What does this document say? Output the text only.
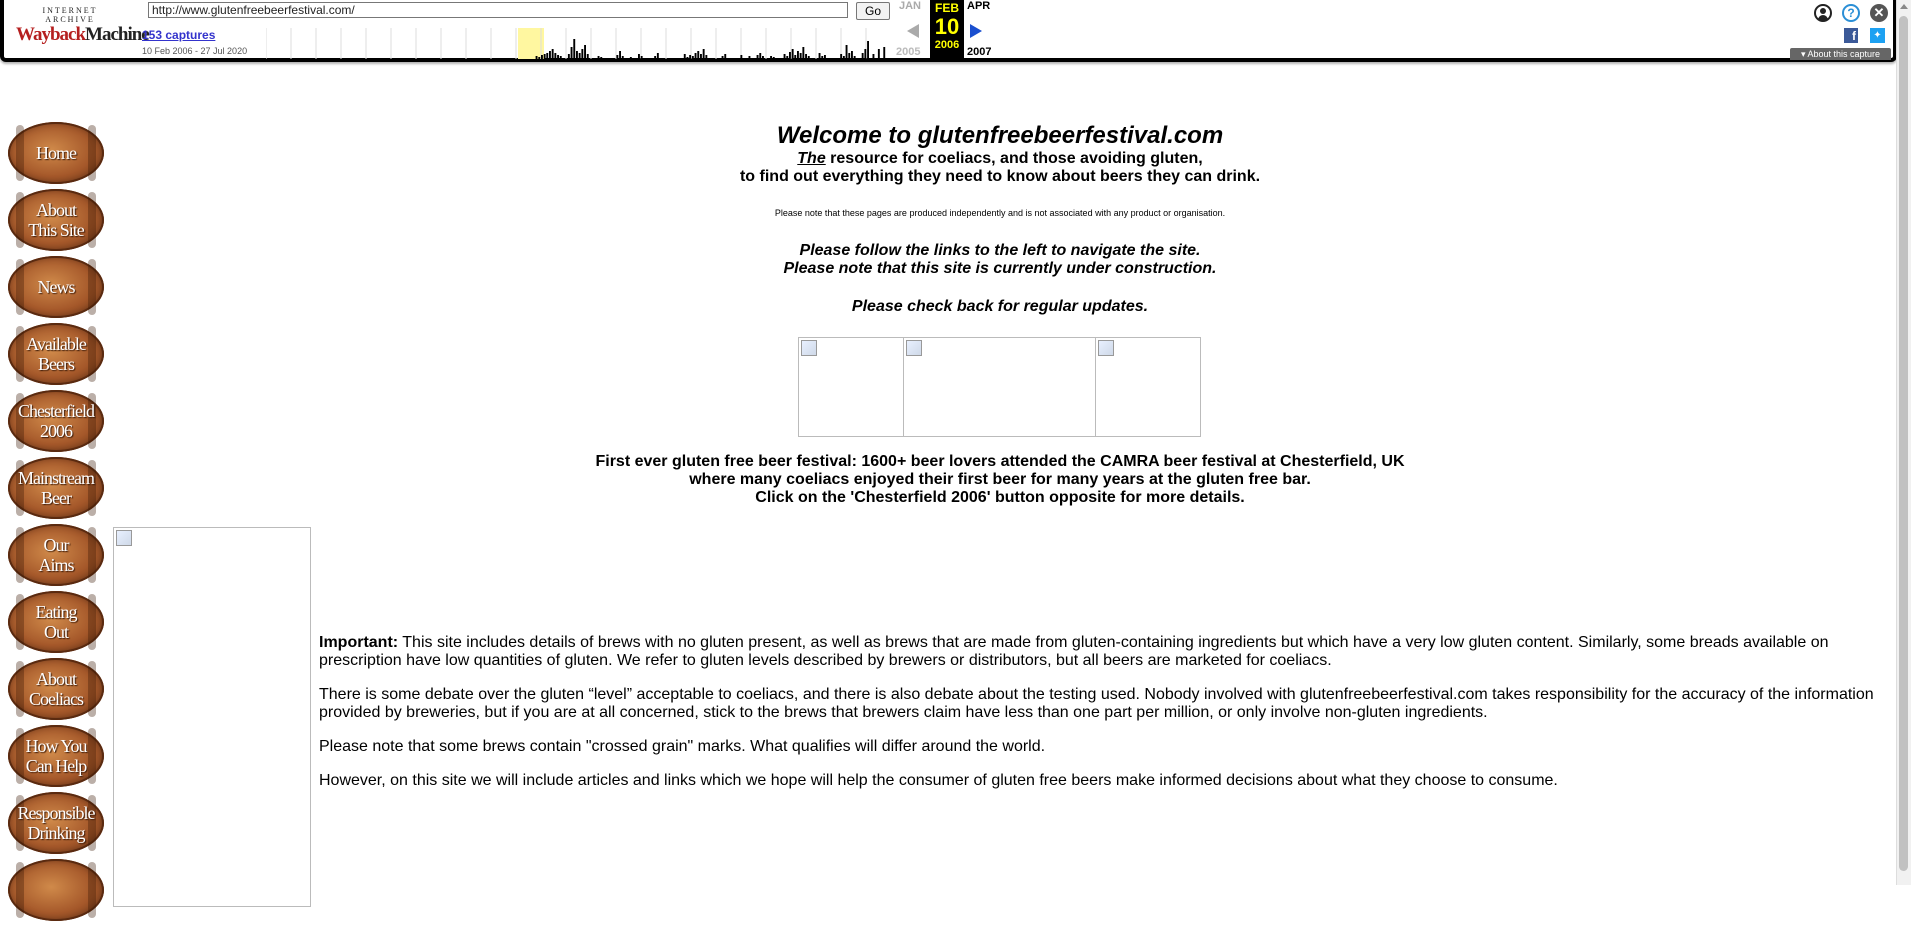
INTERNET ARCHIVE
WaybackMachine
http://www.glutenfreebeerfestival.com/	Go
153 captures
10 Feb 2006 - 27 Jul 2020
JAN
2005
FEB
10
2006
APR
2007
?	✕
f	✦
▾ About this capture
Home
About
This Site
News
Available
Beers
Chesterfield
2006
Mainstream
Beer
Our
Aims
Eating
Out
About
Coeliacs
How You
Can Help
Responsible
Drinking
Welcome to glutenfreebeerfestival.com
The resource for coeliacs, and those avoiding gluten,
to find out everything they need to know about beers they can drink.
Please note that these pages are produced independently and is not associated with any product or organisation.
Please follow the links to the left to navigate the site.
Please note that this site is currently under construction.
Please check back for regular updates.
First ever gluten free beer festival: 1600+ beer lovers attended the CAMRA beer festival at Chesterfield, UK
where many coeliacs enjoyed their first beer for many years at the gluten free bar.
Click on the 'Chesterfield 2006' button opposite for more details.

Important: This site includes details of brews with no gluten present, as well as brews that are made from gluten-containing ingredients but which have a very low gluten content. Similarly, some breads available on prescription have low quantities of gluten. We refer to gluten levels described by brewers or distributors, but all beers are marketed for coeliacs.

There is some debate over the gluten “level” acceptable to coeliacs, and there is also debate about the testing used. Nobody involved with glutenfreebeerfestival.com takes responsibility for the accuracy of the information provided by breweries, but if you are at all concerned, stick to the brews that brewers claim have less than one part per million, or only involve non-gluten ingredients.

Please note that some brews contain "crossed grain" marks. What qualifies will differ around the world.

However, on this site we will include articles and links which we hope will help the consumer of gluten free beers make informed decisions about what they choose to consume.
